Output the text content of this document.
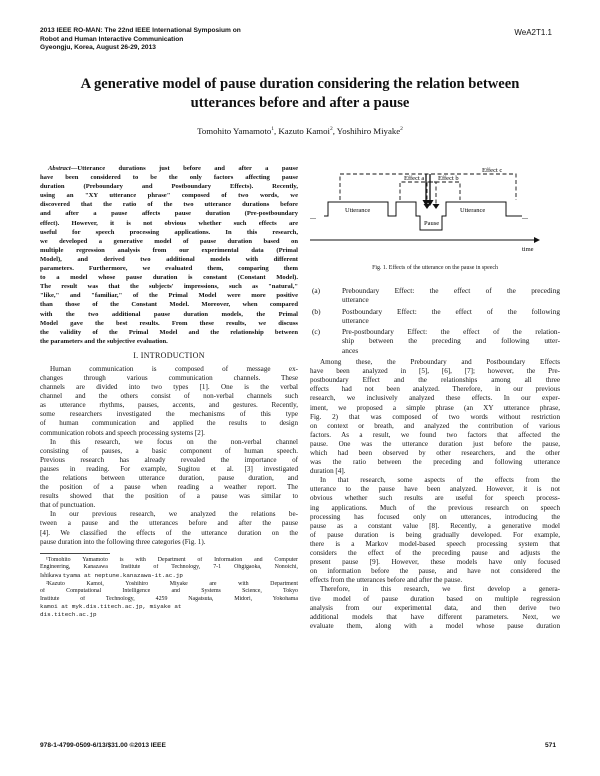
2013 IEEE RO-MAN: The 22nd IEEE International Symposium on
Robot and Human Interactive Communication
Gyeongju, Korea, August 26-29, 2013
WeA2T1.1
A generative model of pause duration considering the relation between
utterances before and after a pause
Tomohito Yamamoto$^1$, Kazuto Kamoi$^2$, Yoshihiro Miyake$^2$
Abstract—Utterance durations just before and after a pause
have been considered to be the only factors affecting pause
duration (Preboundary and Postboundary Effects). Recently,
using an "XY utterance phrase" composed of two words, we
discovered that the ratio of the two utterance durations before
and after a pause affects pause duration (Pre-postboundary
effect). However, it is not obvious whether such effects are
useful for speech processing applications. In this research,
we developed a generative model of pause duration based on
multiple regression analysis from our experimental data (Primal
Model), and derived two additional models with different
parameters. Furthermore, we evaluated them, comparing them
to a model whose pause duration is constant (Constant Model).
The result was that the subjects' impressions, such as "natural,"
"like," and "familiar," of the Primal Model were more positive
than those of the Constant Model. Moreover, when compared
with the two additional pause duration models, the Primal
Model gave the best results. From these results, we discuss
the validity of the Primal Model and the relationship between
the parameters and the subjective evaluation.
I. INTRODUCTION
Human communication is composed of message ex-
changes through various communication channels. These
channels are divided into two types [1]. One is the verbal
channel and the others consist of non-verbal channels such
as utterance rhythms, pauses, accents, and gestures. Recently,
some researchers investigated the mechanisms of this type
of human communication and applied the results to design
communication robots and speech processing systems [2].
In this research, we focus on the non-verbal channel
consisting of pauses, a basic component of human speech.
Previous research has already revealed the importance of
pauses in reading. For example, Sugitou et al. [3] investigated
the relations between utterance duration, pause duration, and
the position of a pause when reading a weather report. The
results showed that the position of a pause was similar to
that of punctuation.
In our previous research, we analyzed the relations be-
tween a pause and the utterances before and after the pause
[4]. We classified the effects of the utterance duration on the
pause duration into the following three categories (Fig. 1).
¹Tomohito Yamamoto is with Department of Information and Computer
Engineering, Kanazawa Institute of Technology, 7-1 Ohgigaoka, Nonoichi,
Ishikawa tyama at neptune.kanazawa-it.ac.jp
²Kazuto Kamoi, Yoshihiro Miyake are with Department
of Computational Intelligence and Systems Science, Tokyo
Institute of Technology, 4259 Nagatsuta, Midori, Yokohama
kamoi at myk.dis.titech.ac.jp, miyake at
dis.titech.ac.jp
Effect c
Effect a Effect b
Utterance
Pause
Utterance
...	...
time
Fig. 1. Effects of the utterance on the pause in speech
(a)	Preboundary Effect: the effect of the preceding
utterance
(b)	Postboundary Effect: the effect of the following
utterance
(c)	Pre-postboundary Effect: the effect of the relation-
ship between the preceding and following utter-
ances
Among these, the Preboundary and Postboundary Effects
have been analyzed in [5], [6], [7]; however, the Pre-
postboundary Effect and the relationships among all three
effects had not been analyzed. Therefore, in our previous
research, we inclusively analyzed these effects. In our exper-
iment, we proposed a simple phrase (an XY utterance phrase,
Fig. 2) that was composed of two words without restriction
on context or breath, and analyzed the contribution of various
factors. As a result, we found two factors that affected the
pause. One was the utterance duration just before the pause,
which had been observed by other researchers, and the other
was the ratio between the preceding and following utterance
duration [4].
In that research, some aspects of the effects from the
utterance to the pause have been analyzed. However, it is not
obvious whether such results are useful for speech process-
ing applications. Much of the previous research on speech
processing has focused only on utterances, introducing the
pause as a constant value [8]. Recently, a generative model
of pause duration is being gradually developed. For example,
there is a Markov model-based speech processing system that
considers the effect of the preceding pause and adjusts the
present pause [9]. However, these models have only focused
on information before the pause, and have not considered the
effects from the utterances before and after the pause.
Therefore, in this research, we first develop a genera-
tive model of pause duration based on multiple regression
analysis from our experimental data, and then derive two
additional models that have different parameters. Next, we
evaluate them, along with a model whose pause duration
978-1-4799-0509-6/13/$31.00 ©2013 IEEE	571
